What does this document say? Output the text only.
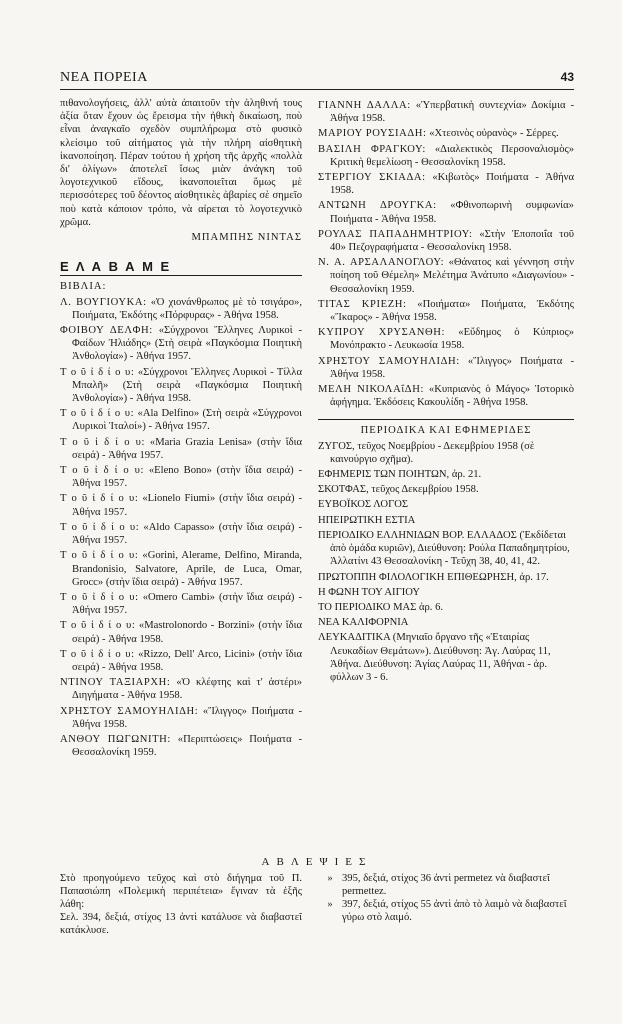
ΝΕΑ ΠΟΡΕΙΑ	43
πιθανολογήσεις, ἀλλ' αὐτὰ ἀπαιτοῦν τὴν ἀληθινή τους ἀξία ὅταν ἔχουν ὡς ἔρεισμα τὴν ἠθικὴ δικαίωση, ποὺ εἶναι ἀναγκαῖο σχεδὸν συμπλήρωμα στὸ φυσικὸ κλείσιμο τοῦ αἰτήματος γιὰ τὴν πλήρη αἰσθητικὴ ἱκανοποίηση. Πέραν τούτου ἡ χρήση τῆς ἀρχῆς «πολλὰ δι' ὀλίγων» ἀποτελεῖ ἴσως μιὰν ἀνάγκη τοῦ λογοτεχνικοῦ εἴδους, ἱκανοποιεῖται ὅμως μὲ περισσότερες τοῦ δέοντος αἰσθητικὲς ἀβαρίες σὲ σημεῖο ποὺ κατὰ κάποιον τρόπο, νὰ αἰρεται τὸ λογοτεχνικὸ χρῶμα.
ΜΠΑΜΠΗΣ ΝΙΝΤΑΣ
Ε Λ Α Β Α Μ Ε
ΒΙΒΛΙΑ:
Λ. ΒΟΥΓΙΟΥΚΑ: «Ὁ χιονάνθρωπος μὲ τὸ τσιγάρο», Ποιήματα, Ἐκδότης «Πόρφυρας» - Ἀθήνα 1958.
ΦΟΙΒΟΥ ΔΕΛΦΗ: «Σύγχρονοι Ἕλληνες Λυρικοὶ - Φαίδων Ἠλιάδης» (Στὴ σειρὰ «Παγκόσμια Ποιητικὴ Ἀνθολογία») - Ἀθήνα 1957.
Τ ο ῦ ἰ δ ί ο υ: «Σύγχρονοι Ἕλληνες Λυρικοὶ - Τίλλα Μπαλῆ» (Στὴ σειρὰ «Παγκόσμια Ποιητικὴ Ἀνθολογία») - Ἀθήνα 1958.
Τ ο ῦ ἰ δ ί ο υ: «Ala Delfino» (Στὴ σειρὰ «Σύγχρονοι Λυρικοὶ Ἰταλοί») - Ἀθήνα 1957.
Τ ο ῦ ἰ δ ί ο υ: «Maria Grazia Lenisa» (στὴν ἴδια σειρά) - Ἀθήνα 1957.
Τ ο ῦ ἰ δ ί ο υ: «Eleno Bono» (στὴν ἴδια σειρά) - Ἀθήνα 1957.
Τ ο ῦ ἰ δ ί ο υ: «Lionelo Fiumi» (στὴν ἴδια σειρά) - Ἀθήνα 1957.
Τ ο ῦ ἰ δ ί ο υ: «Aldo Capasso» (στὴν ἴδια σειρά) - Ἀθήνα 1957.
Τ ο ῦ ἰ δ ί ο υ: «Gorini, Alerame, Delfino, Miranda, Brandonisio, Salvatore, Aprile, de Luca, Omar, Grocc» (στὴν ἴδια σειρά) - Ἀθήνα 1957.
Τ ο ῦ ἰ δ ί ο υ: «Omero Cambi» (στὴν ἴδια σειρά) - Ἀθήνα 1957.
Τ ο ῦ ἰ δ ί ο υ: «Mastrolonordo - Borzini» (στὴν ἴδια σειρά) - Ἀθήνα 1958.
Τ ο ῦ ἰ δ ί ο υ: «Rizzo, Dell' Arco, Licini» (στὴν ἴδια σειρά) - Ἀθήνα 1958.
ΝΤΙΝΟΥ ΤΑΞΙΑΡΧΗ: «Ὁ κλέφτης καὶ τ' ἀστέρι» Διηγήματα - Ἀθήνα 1958.
ΧΡΗΣΤΟΥ ΣΑΜΟΥΗΛΙΔΗ: «Ἴλιγγος» Ποιήματα - Ἀθήνα 1958.
ΑΝΘΟΥ ΠΩΓΩΝΙΤΗ: «Περιπτώσεις» Ποιήματα - Θεσσαλονίκη 1959.
ΓΙΑΝΝΗ ΔΑΛΛΑ: «Ὑπερβατικὴ συντεχνία» Δοκίμια - Ἀθήνα 1958.
ΜΑΡΙΟΥ ΡΟΥΣΙΑΔΗ: «Χτεσινὸς οὐρανὸς» - Σέρρες.
ΒΑΣΙΛΗ ΦΡΑΓΚΟΥ: «Διαλεκτικὸς Περσοναλισμὸς» Κριτικὴ θεμελίωση - Θεσσαλονίκη 1958.
ΣΤΕΡΓΙΟΥ ΣΚΙΑΔΑ: «Κιβωτὸς» Ποιήματα - Ἀθήνα 1958.
ΑΝΤΩΝΗ ΔΡΟΥΓΚΑ: «Φθινοπωρινὴ συμφωνία» Ποιήματα - Ἀθήνα 1958.
ΡΟΥΛΑΣ ΠΑΠΑΔΗΜΗΤΡΙΟΥ: «Στὴν Ἐποποιΐα τοῦ 40» Πεζογραφήματα - Θεσσαλονίκη 1958.
Ν. Α. ΑΡΣΑΛΑΝΟΓΛΟΥ: «Θάνατος καὶ γέννηση στὴν ποίηση τοῦ Θέμελη» Μελέτημα Ἀνάτυπο «Διαγωνίου» - Θεσσαλονίκη 1959.
ΤΙΤΑΣ ΚΡΙΕΖΗ: «Ποιήματα» Ποιήματα, Ἐκδότης «Ἴκαρος» - Ἀθήνα 1958.
ΚΥΠΡΟΥ ΧΡΥΣΑΝΘΗ: «Εὔδημος ὁ Κύπριος» Μονόπρακτο - Λευκωσία 1958.
ΧΡΗΣΤΟΥ ΣΑΜΟΥΗΛΙΔΗ: «Ἴλιγγος» Ποιήματα - Ἀθήνα 1958.
ΜΕΛΗ ΝΙΚΟΛΑΐΔΗ: «Κυπριανὸς ὁ Μάγος» Ἱστορικὸ ἀφήγημα. Ἐκδόσεις Κακουλίδη - Ἀθήνα 1958.
ΠΕΡΙΟΔΙΚΑ ΚΑΙ ΕΦΗΜΕΡΙΔΕΣ
ΖΥΓΟΣ, τεῦχος Νοεμβρίου - Δεκεμβρίου 1958 (σὲ καινούργιο σχῆμα).
ΕΦΗΜΕΡΙΣ ΤΩΝ ΠΟΙΗΤΩΝ, ἀρ. 21.
ΣΚΟΤΦΑΣ, τεῦχος Δεκεμβρίου 1958.
ΕΥΒΟΪΚΟΣ ΛΟΓΟΣ
ΗΠΕΙΡΩΤΙΚΗ ΕΣΤΙΑ
ΠΕΡΙΟΔΙΚΟ ΕΛΛΗΝΙΔΩΝ ΒΟΡ. ΕΛΛΑΔΟΣ (Ἐκδίδεται ἀπὸ ὁμάδα κυριῶν), Διεύθυνση: Ρούλα Παπαδημητρίου, Ἀλλατίνι 43 Θεσσαλονίκη - Τεῦχη 38, 40, 41, 42.
ΠΡΩΤΟΠΠΗ ΦΙΛΟΛΟΓΙΚΗ ΕΠΙΘΕΩΡΗΣΗ, ἀρ. 17.
Η ΦΩΝΗ ΤΟΥ ΑΙΓΙΟΥ
ΤΟ ΠΕΡΙΟΔΙΚΟ ΜΑΣ ἀρ. 6.
ΝΕΑ ΚΑΛΙΦΟΡΝΙΑ
ΛΕΥΚΑΔΙΤΙΚΑ (Μηνιαῖο ὄργανο τῆς «Ἑταιρίας Λευκαδίων Θεμάτων»). Διεύθυνση: Ἁγ. Λαύρας 11, Ἀθήνα. Διεύθυνση: Ἁγίας Λαύρας 11, Ἀθήναι - ἀρ. φύλλων 3 - 6.
ΑΒΛΕΨΙΕΣ
Στὸ προηγούμενο τεῦχος καὶ στὸ διήγημα τοῦ Π. Παπασιώπη «Πολεμικὴ περιπέτεια» ἔγιναν τὰ ἑξῆς λάθη:
Σελ. 394, δεξιά, στίχος 13 ἀντὶ κατάλυσε νὰ διαβαστεῖ κατάκλυσε.
» 395, δεξιά, στίχος 36 ἀντὶ permetez νὰ διαβαστεῖ permettez.
» 397, δεξιά, στίχος 55 ἀντὶ ἀπὸ τὸ λαιμὸ νὰ διαβαστεῖ γύρω στὸ λαιμό.
